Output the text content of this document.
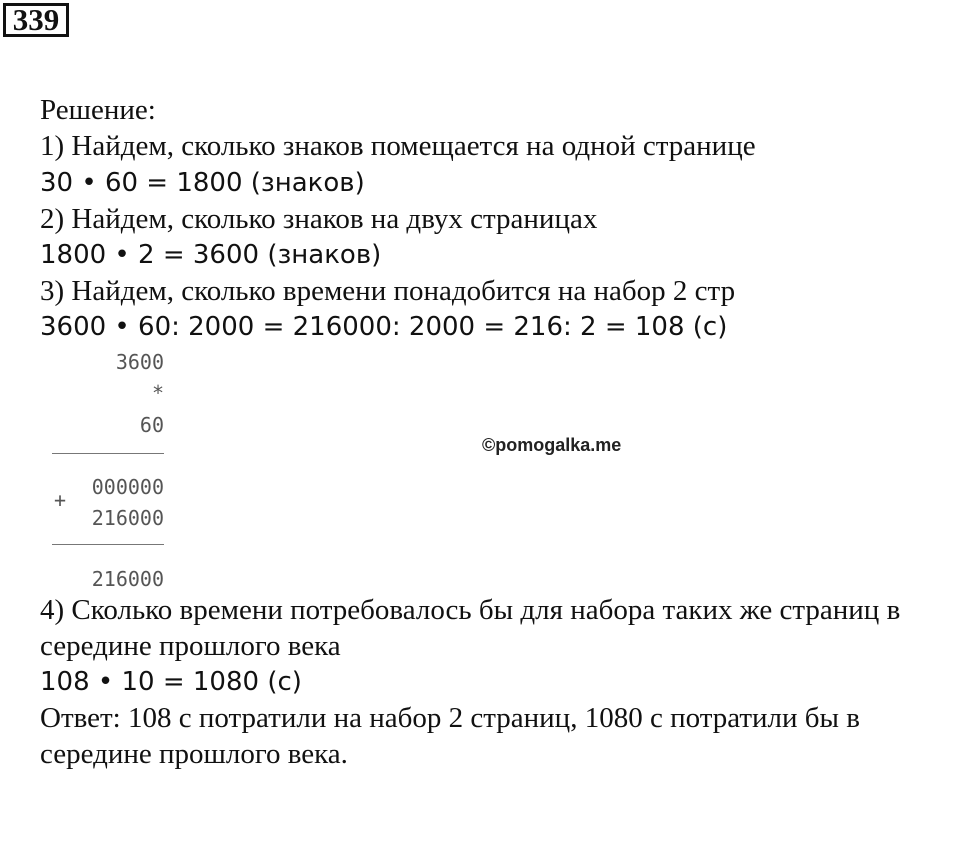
339
Решение:
1) Найдем, сколько знаков помещается на одной странице
30 • 60 = 1800 (знаков)
2) Найдем, сколько знаков на двух страницах
1800 • 2 = 3600 (знаков)
3) Найдем, сколько времени понадобится на набор 2 стр
3600 • 60: 2000 = 216000: 2000 = 216: 2 = 108 (с)
3600
*
60
000000
+
216000
216000
©pomogalka.me
4) Сколько времени потребовалось бы для набора таких же страниц в
середине прошлого века
108 • 10 = 1080 (с)
Ответ: 108 с потратили на набор 2 страниц, 1080 с потратили бы в
середине прошлого века.
